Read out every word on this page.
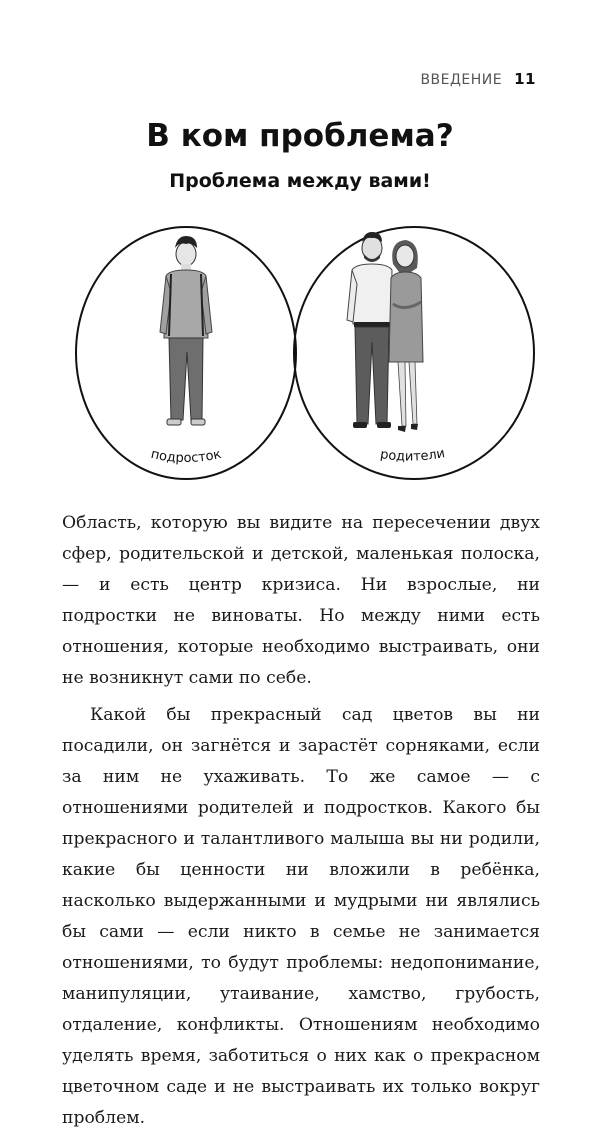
ВВЕДЕНИЕ 11
В ком проблема?
Проблема между вами!
подросток	родители

Область, которую вы видите на пересечении двух сфер, родительской и детской, маленькая полоска, — и есть центр кризиса. Ни взрослые, ни подростки не виноваты. Но между ними есть отношения, которые необходимо выстраивать, они не возникнут сами по себе.

Какой бы прекрасный сад цветов вы ни посадили, он загнётся и зарастёт сорняками, если за ним не ухаживать. То же самое — с отношениями родителей и подростков. Какого бы прекрасного и талантливого малыша вы ни родили, какие бы ценности ни вложили в ребёнка, насколько выдержанными и мудрыми ни являлись бы сами — если никто в семье не занимается отношениями, то будут проблемы: недопонимание, манипуляции, утаивание, хамство, грубость, отдаление, конфликты. Отношениям необходимо уделять время, заботиться о них как о прекрасном цветочном саде и не выстраивать их только вокруг проблем.
